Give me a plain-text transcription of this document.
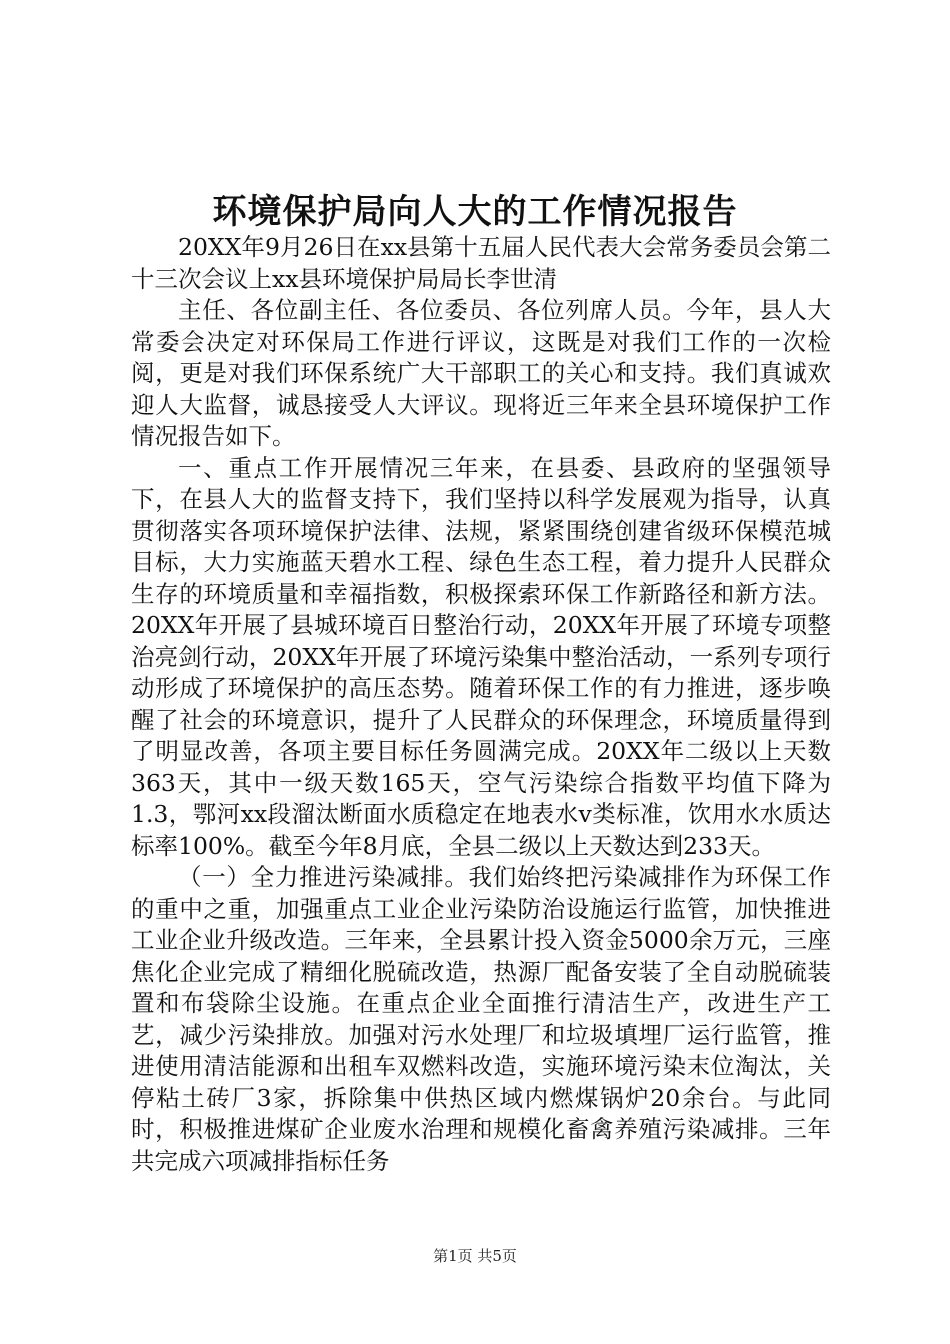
环境保护局向人大的工作情况报告

20XX年9月26日在xx县第十五届人民代表大会常务委员会第二十三次会议上xx县环境保护局局长李世清

主任、各位副主任、各位委员、各位列席人员。今年，县人大常委会决定对环保局工作进行评议，这既是对我们工作的一次检阅，更是对我们环保系统广大干部职工的关心和支持。我们真诚欢迎人大监督，诚恳接受人大评议。现将近三年来全县环境保护工作情况报告如下。

一、重点工作开展情况三年来，在县委、县政府的坚强领导下，在县人大的监督支持下，我们坚持以科学发展观为指导，认真贯彻落实各项环境保护法律、法规，紧紧围绕创建省级环保模范城目标，大力实施蓝天碧水工程、绿色生态工程，着力提升人民群众生存的环境质量和幸福指数，积极探索环保工作新路径和新方法。20XX年开展了县城环境百日整治行动，20XX年开展了环境专项整治亮剑行动，20XX年开展了环境污染集中整治活动，一系列专项行动形成了环境保护的高压态势。随着环保工作的有力推进，逐步唤醒了社会的环境意识，提升了人民群众的环保理念，环境质量得到了明显改善，各项主要目标任务圆满完成。20XX年二级以上天数363天，其中一级天数165天，空气污染综合指数平均值下降为1.3，鄂河xx段溜汰断面水质稳定在地表水v类标准，饮用水水质达标率100%。截至今年8月底，全县二级以上天数达到233天。

（一）全力推进污染减排。我们始终把污染减排作为环保工作的重中之重，加强重点工业企业污染防治设施运行监管，加快推进工业企业升级改造。三年来，全县累计投入资金5000余万元，三座焦化企业完成了精细化脱硫改造，热源厂配备安装了全自动脱硫装置和布袋除尘设施。在重点企业全面推行清洁生产，改进生产工艺，减少污染排放。加强对污水处理厂和垃圾填埋厂运行监管，推进使用清洁能源和出租车双燃料改造，实施环境污染末位淘汰，关停粘土砖厂3家，拆除集中供热区域内燃煤锅炉20余台。与此同时，积极推进煤矿企业废水治理和规模化畜禽养殖污染减排。三年共完成六项减排指标任务

第1页 共5页
